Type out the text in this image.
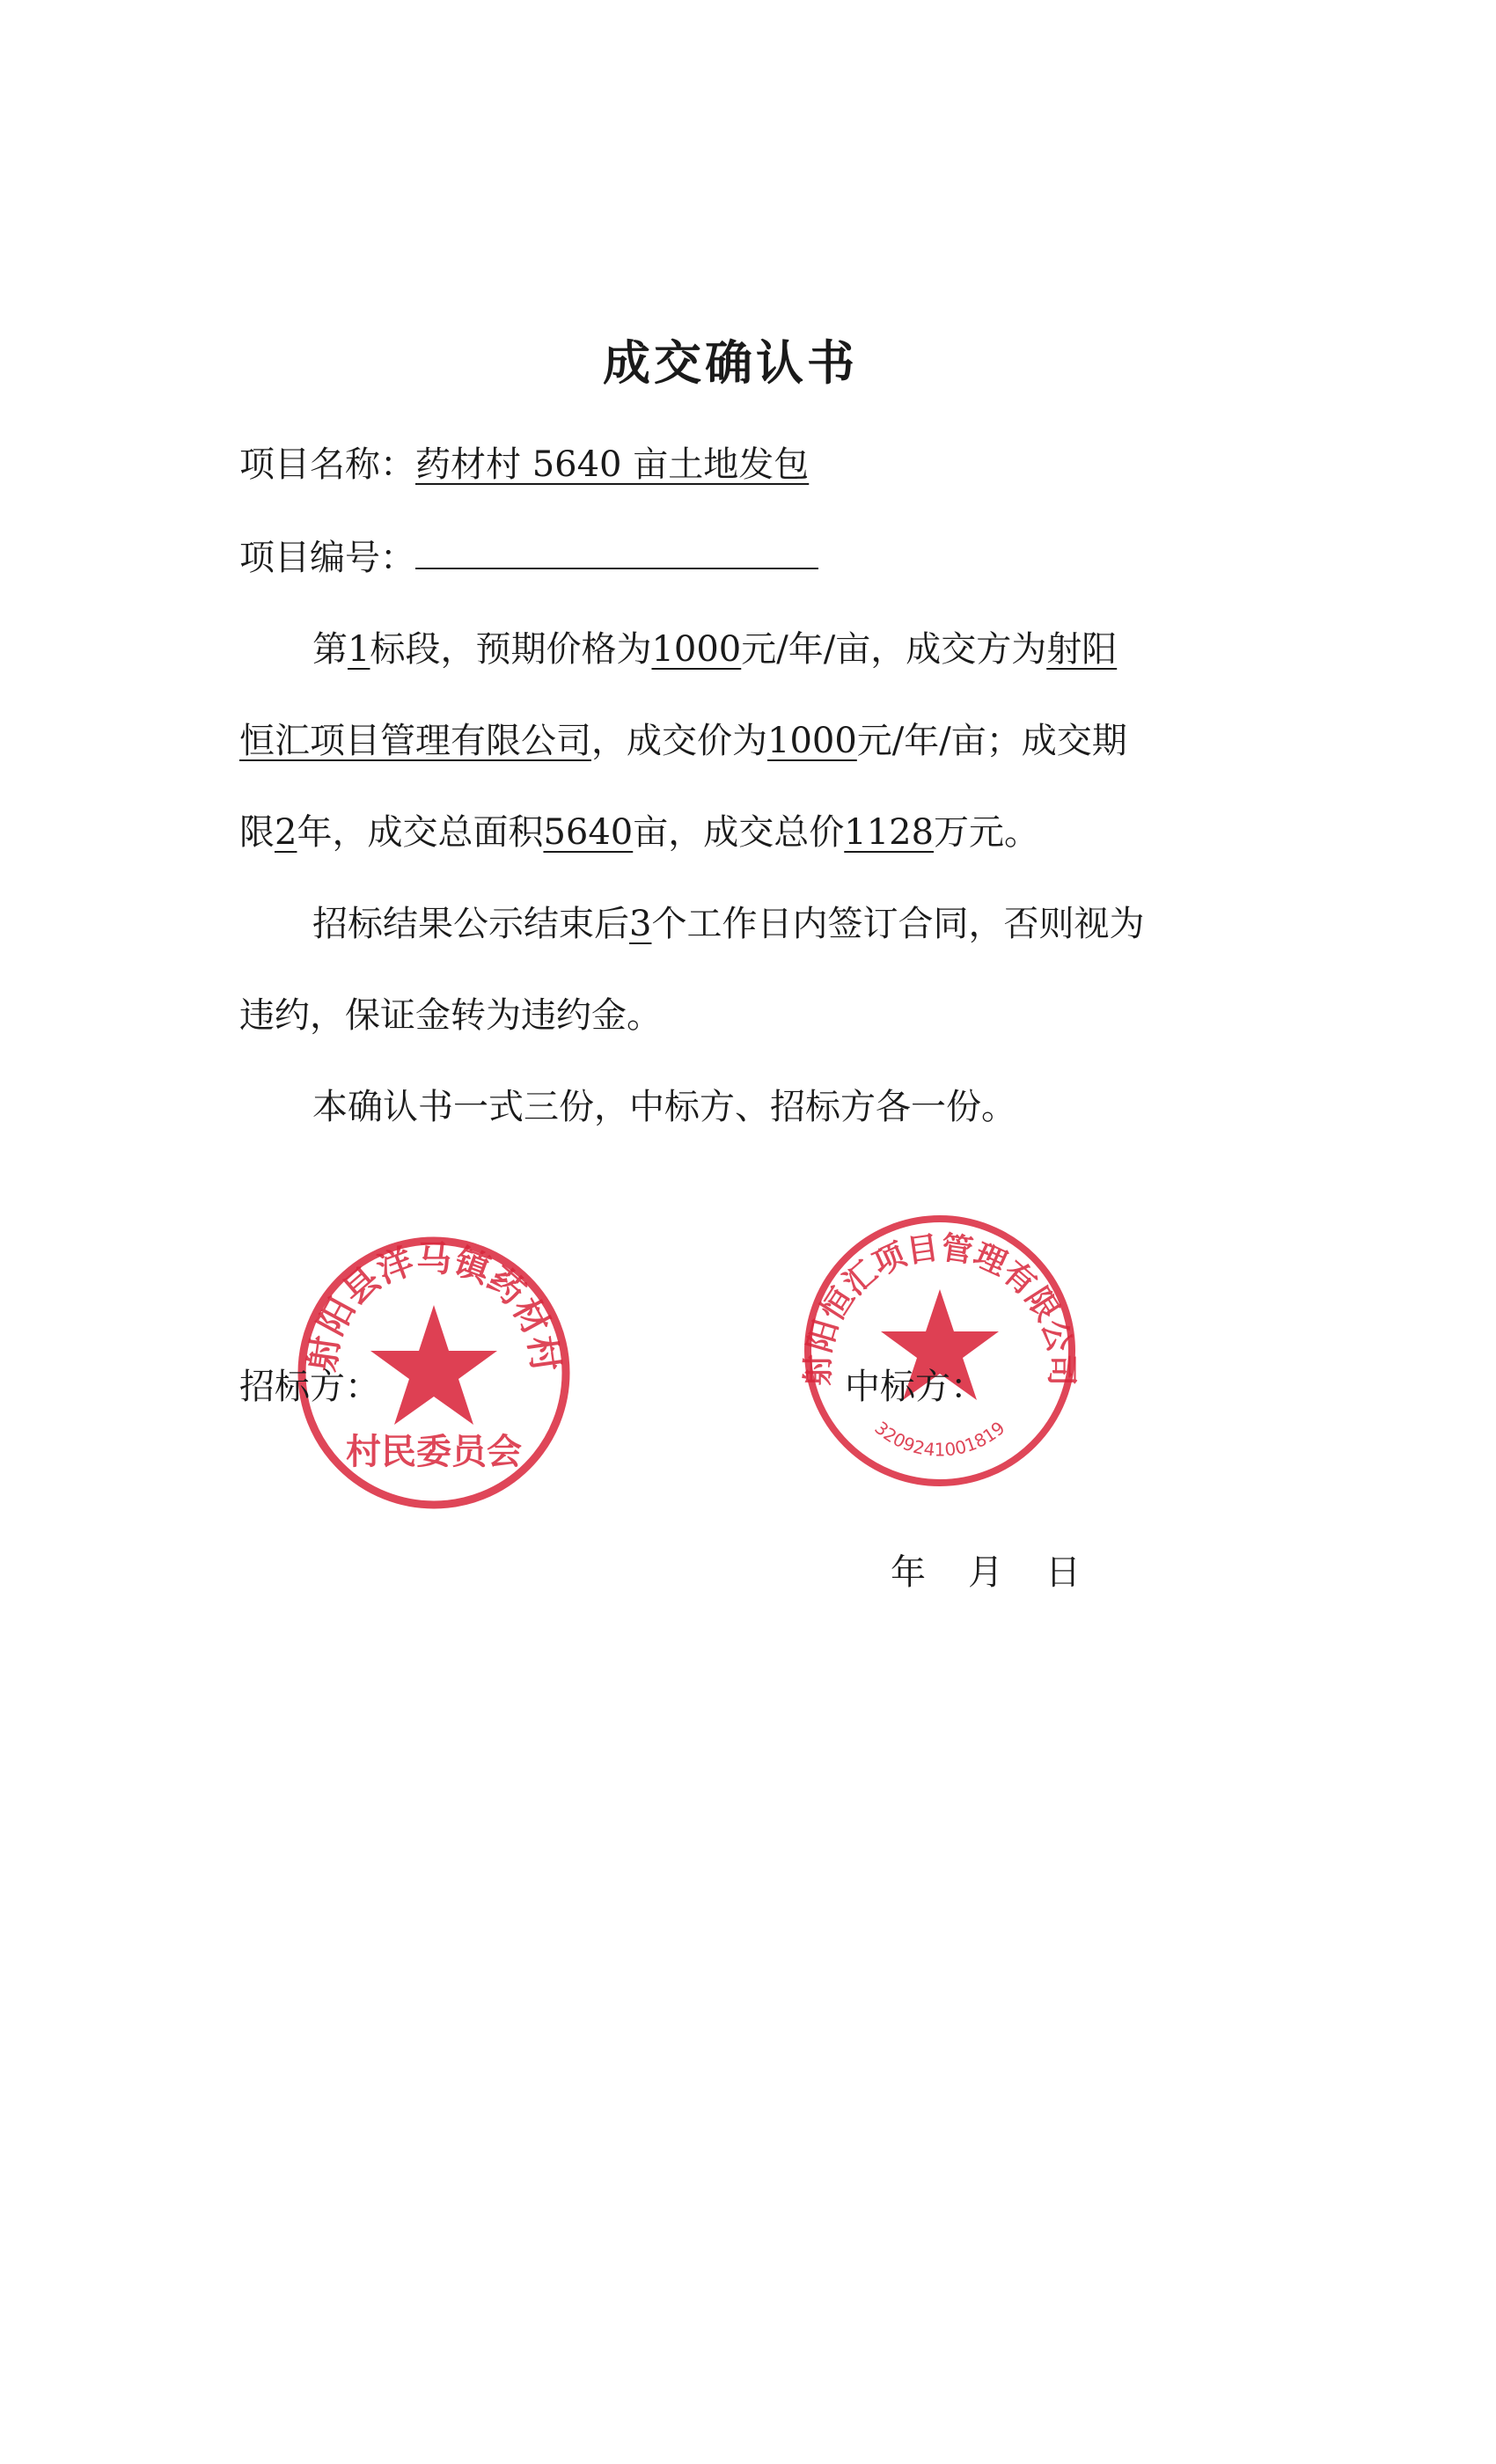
成交确认书
项目名称：药材村 5640 亩土地发包
项目编号：
第1标段，预期价格为1000元/年/亩，成交方为射阳
恒汇项目管理有限公司，成交价为1000元/年/亩；成交期
限2年，成交总面积5640亩，成交总价1128万元。
招标结果公示结束后3个工作日内签订合同，否则视为
违约，保证金转为违约金。
本确认书一式三份，中标方、招标方各一份。
射阳县洋马镇药材村
村民委员会
射阳恒汇项目管理有限公司
3209241001819
招标方：	中标方：
年 月 日
